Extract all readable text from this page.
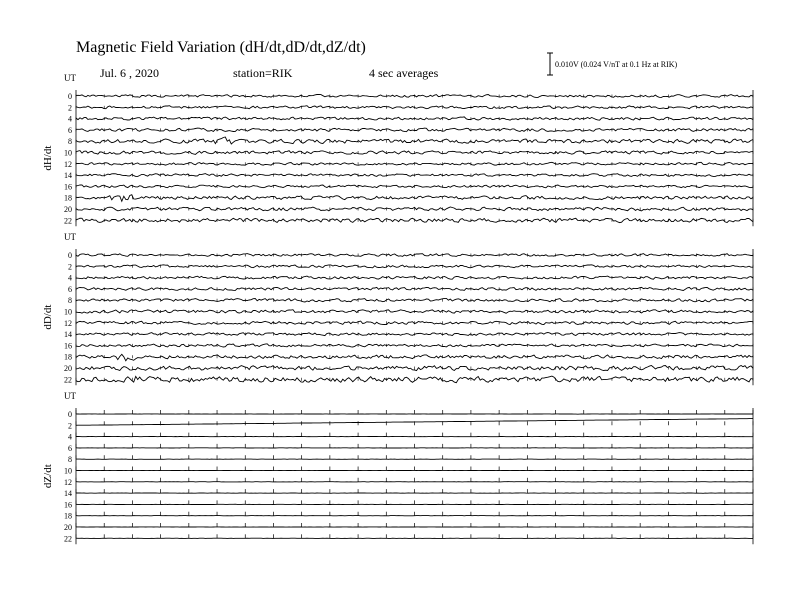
Magnetic Field Variation (dH/dt,dD/dt,dZ/dt)
Jul. 6 , 2020	station=RIK	4 sec averages
0.010V (0.024 V/nT at 0.1 Hz at RIK)
UT
dH/dt
0
2
4
6
8
10
12
14
16
18
20
22
UT
dD/dt
0
2
4
6
8
10
12
14
16
18
20
22
UT
dZ/dt
0
2
4
6
8
10
12
14
16
18
20
22
